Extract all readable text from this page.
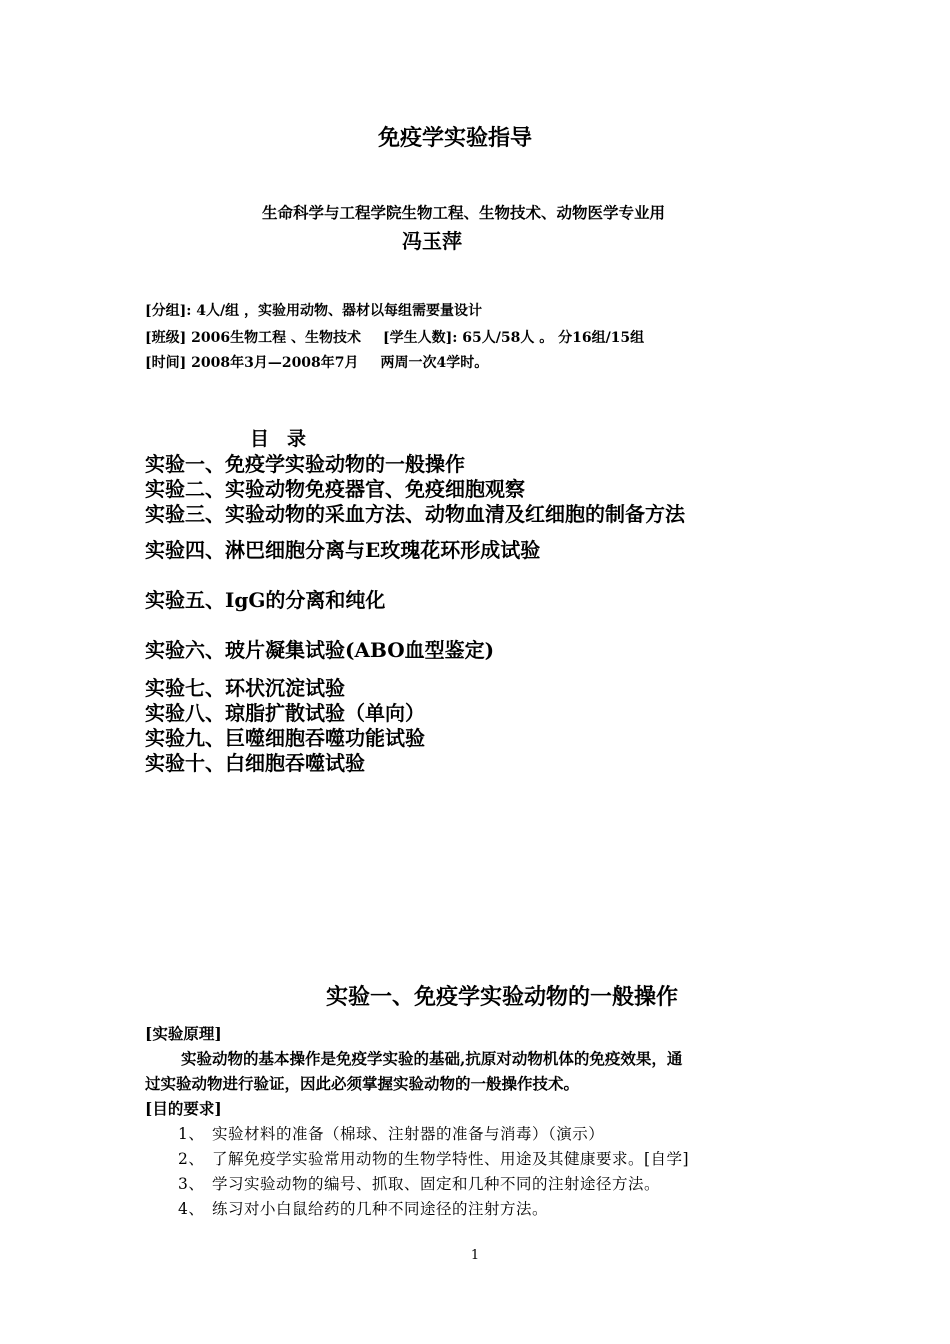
免疫学实验指导
生命科学与工程学院生物工程、生物技术、动物医学专业用
冯玉萍
[分组]: 4人/组 ，实验用动物、器材以每组需要量设计
[班级] 2006生物工程 、生物技术 [学生人数]: 65人/58人 。 分16组/15组
[时间] 2008年3月—2008年7月 两周一次4学时。
目录
实验一、免疫学实验动物的一般操作
实验二、实验动物免疫器官、免疫细胞观察
实验三、实验动物的采血方法、动物血清及红细胞的制备方法
实验四、淋巴细胞分离与E玫瑰花环形成试验
实验五、IgG的分离和纯化
实验六、玻片凝集试验(ABO血型鉴定)
实验七、环状沉淀试验
实验八、琼脂扩散试验（单向）
实验九、巨噬细胞吞噬功能试验
实验十、白细胞吞噬试验
实验一、免疫学实验动物的一般操作
[实验原理]
实验动物的基本操作是免疫学实验的基础,抗原对动物机体的免疫效果，通
过实验动物进行验证，因此必须掌握实验动物的一般操作技术。
[目的要求]
1、 实验材料的准备（棉球、注射器的准备与消毒）（演示）
2、 了解免疫学实验常用动物的生物学特性、用途及其健康要求。[自学]
3、 学习实验动物的编号、抓取、固定和几种不同的注射途径方法。
4、 练习对小白鼠给药的几种不同途径的注射方法。
1
